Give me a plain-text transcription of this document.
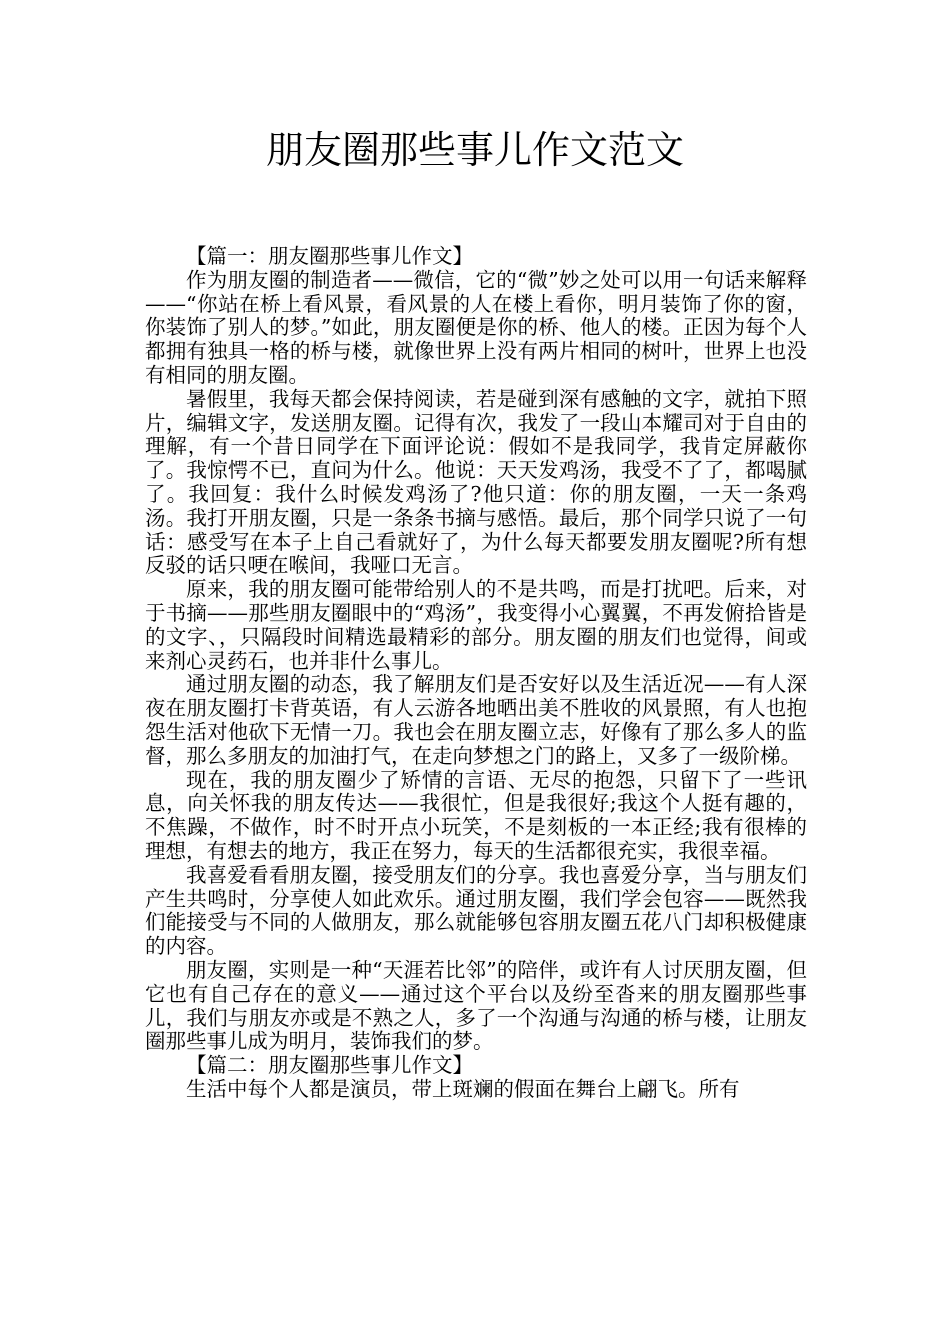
朋友圈那些事儿作文范文

【篇一：朋友圈那些事儿作文】

作为朋友圈的制造者——微信，它的“微”妙之处可以用一句话来解释——“你站在桥上看风景，看风景的人在楼上看你，明月装饰了你的窗，你装饰了别人的梦。”如此，朋友圈便是你的桥、他人的楼。正因为每个人都拥有独具一格的桥与楼，就像世界上没有两片相同的树叶，世界上也没有相同的朋友圈。

暑假里，我每天都会保持阅读，若是碰到深有感触的文字，就拍下照片，编辑文字，发送朋友圈。记得有次，我发了一段山本耀司对于自由的理解，有一个昔日同学在下面评论说：假如不是我同学，我肯定屏蔽你了。我惊愕不已，直问为什么。他说：天天发鸡汤，我受不了了，都喝腻了。我回复：我什么时候发鸡汤了?他只道：你的朋友圈，一天一条鸡汤。我打开朋友圈，只是一条条书摘与感悟。最后，那个同学只说了一句话：感受写在本子上自己看就好了，为什么每天都要发朋友圈呢?所有想反驳的话只哽在喉间，我哑口无言。

原来，我的朋友圈可能带给别人的不是共鸣，而是打扰吧。后来，对于书摘——那些朋友圈眼中的“鸡汤”，我变得小心翼翼，不再发俯拾皆是的文字、，只隔段时间精选最精彩的部分。朋友圈的朋友们也觉得，间或来剂心灵药石，也并非什么事儿。

通过朋友圈的动态，我了解朋友们是否安好以及生活近况——有人深夜在朋友圈打卡背英语，有人云游各地晒出美不胜收的风景照，有人也抱怨生活对他砍下无情一刀。我也会在朋友圈立志，好像有了那么多人的监督，那么多朋友的加油打气，在走向梦想之门的路上，又多了一级阶梯。

现在，我的朋友圈少了矫情的言语、无尽的抱怨，只留下了一些讯息，向关怀我的朋友传达——我很忙，但是我很好;我这个人挺有趣的，不焦躁，不做作，时不时开点小玩笑，不是刻板的一本正经;我有很棒的理想，有想去的地方，我正在努力，每天的生活都很充实，我很幸福。

我喜爱看看朋友圈，接受朋友们的分享。我也喜爱分享，当与朋友们产生共鸣时，分享使人如此欢乐。通过朋友圈，我们学会包容——既然我们能接受与不同的人做朋友，那么就能够包容朋友圈五花八门却积极健康的内容。

朋友圈，实则是一种“天涯若比邻”的陪伴，或许有人讨厌朋友圈，但它也有自己存在的意义——通过这个平台以及纷至沓来的朋友圈那些事儿，我们与朋友亦或是不熟之人，多了一个沟通与沟通的桥与楼，让朋友圈那些事儿成为明月，装饰我们的梦。

【篇二：朋友圈那些事儿作文】

生活中每个人都是演员，带上斑斓的假面在舞台上翩飞。所有
